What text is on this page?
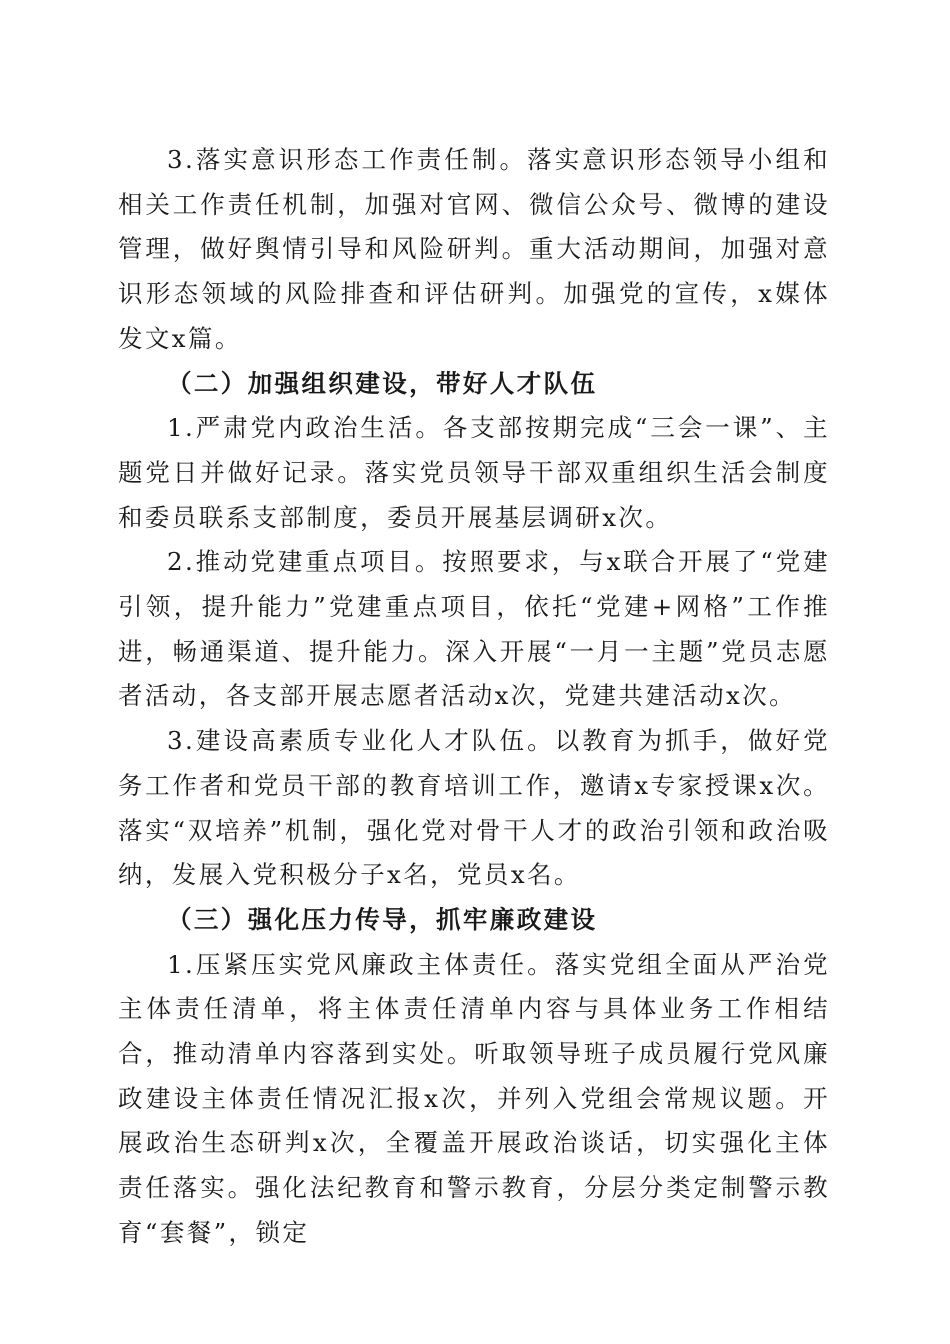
3.落实意识形态工作责任制。落实意识形态领导小组和相关工作责任机制，加强对官网、微信公众号、微博的建设管理，做好舆情引导和风险研判。重大活动期间，加强对意识形态领域的风险排查和评估研判。加强党的宣传，x媒体发文x篇。

（二）加强组织建设，带好人才队伍

1.严肃党内政治生活。各支部按期完成“三会一课”、主题党日并做好记录。落实党员领导干部双重组织生活会制度和委员联系支部制度，委员开展基层调研x次。

2.推动党建重点项目。按照要求，与x联合开展了“党建引领，提升能力”党建重点项目，依托“党建+网格”工作推进，畅通渠道、提升能力。深入开展“一月一主题”党员志愿者活动，各支部开展志愿者活动x次，党建共建活动x次。

3.建设高素质专业化人才队伍。以教育为抓手，做好党务工作者和党员干部的教育培训工作，邀请x专家授课x次。落实“双培养”机制，强化党对骨干人才的政治引领和政治吸纳，发展入党积极分子x名，党员x名。

（三）强化压力传导，抓牢廉政建设

1.压紧压实党风廉政主体责任。落实党组全面从严治党主体责任清单，将主体责任清单内容与具体业务工作相结合，推动清单内容落到实处。听取领导班子成员履行党风廉政建设主体责任情况汇报x次，并列入党组会常规议题。开展政治生态研判x次，全覆盖开展政治谈话，切实强化主体责任落实。强化法纪教育和警示教育，分层分类定制警示教育“套餐”，锁定
